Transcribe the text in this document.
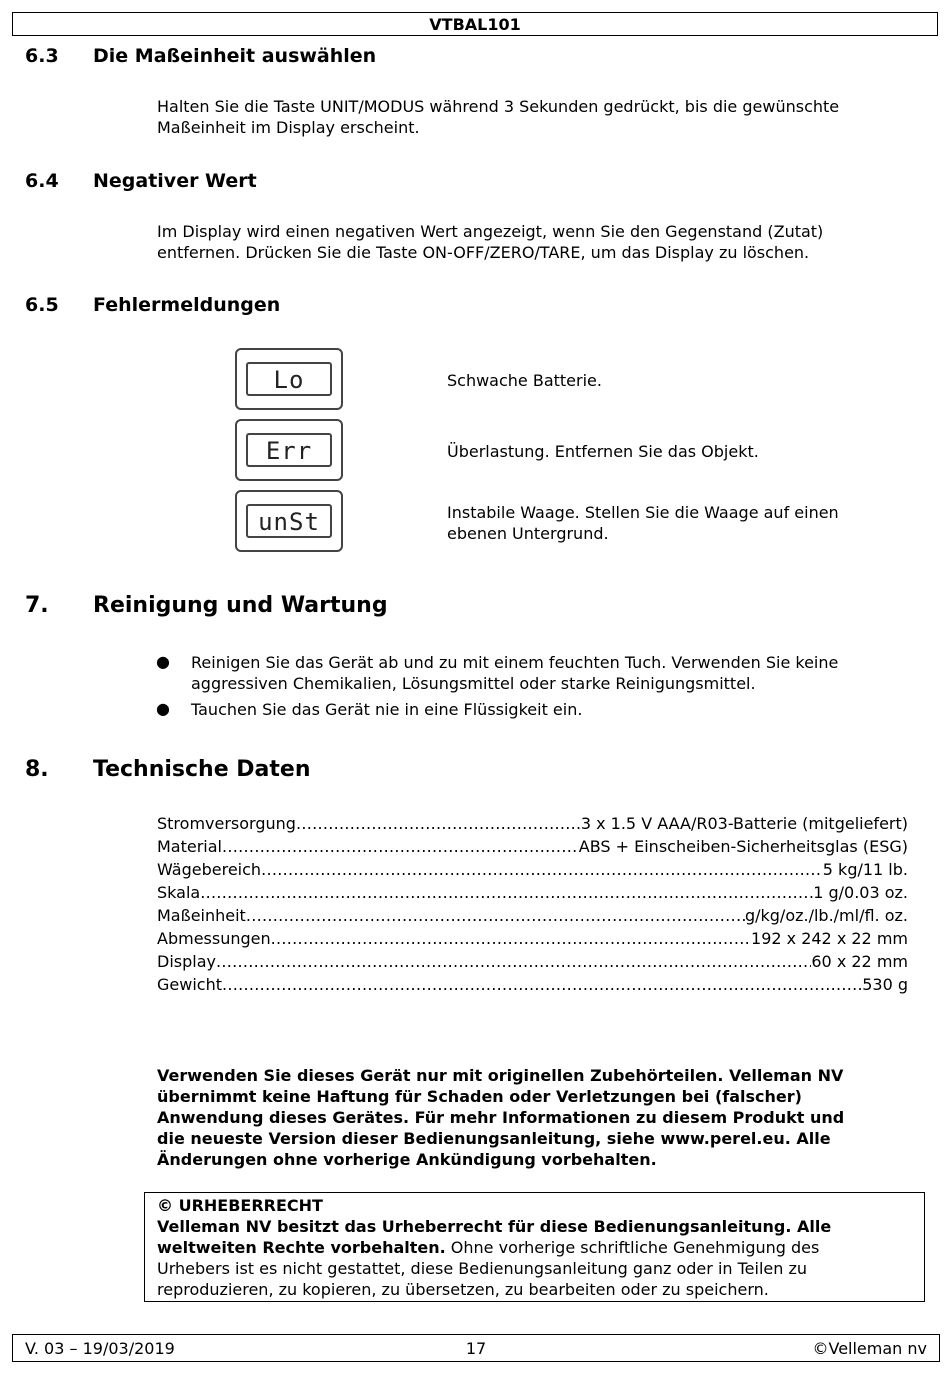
VTBAL101
6.3 Die Maßeinheit auswählen
Halten Sie die Taste UNIT/MODUS während 3 Sekunden gedrückt, bis die gewünschte
Maßeinheit im Display erscheint.
6.4 Negativer Wert
Im Display wird einen negativen Wert angezeigt, wenn Sie den Gegenstand (Zutat)
entfernen. Drücken Sie die Taste ON-OFF/ZERO/TARE, um das Display zu löschen.
6.5 Fehlermeldungen
Lo	Schwache Batterie.
Err	Überlastung. Entfernen Sie das Objekt.
unSt	Instabile Waage. Stellen Sie die Waage auf einen
ebenen Untergrund.
7. Reinigung und Wartung
● Reinigen Sie das Gerät ab und zu mit einem feuchten Tuch. Verwenden Sie keine
aggressiven Chemikalien, Lösungsmittel oder starke Reinigungsmittel.
● Tauchen Sie das Gerät nie in eine Flüssigkeit ein.
8. Technische Daten
Stromversorgung .....	3 x 1.5 V AAA/R03-Batterie (mitgeliefert)
Material .....	ABS + Einscheiben-Sicherheitsglas (ESG)
Wägebereich .....	5 kg/11 lb.
Skala .....	1 g/0.03 oz.
Maßeinheit .....	g/kg/oz./lb./ml/fl. oz.
Abmessungen .....	192 x 242 x 22 mm
Display .....	60 x 22 mm
Gewicht .....	530 g
Verwenden Sie dieses Gerät nur mit originellen Zubehörteilen. Velleman NV
übernimmt keine Haftung für Schaden oder Verletzungen bei (falscher)
Anwendung dieses Gerätes. Für mehr Informationen zu diesem Produkt und
die neueste Version dieser Bedienungsanleitung, siehe www.perel.eu. Alle
Änderungen ohne vorherige Ankündigung vorbehalten.
© URHEBERRECHT
Velleman NV besitzt das Urheberrecht für diese Bedienungsanleitung. Alle
weltweiten Rechte vorbehalten. Ohne vorherige schriftliche Genehmigung des
Urhebers ist es nicht gestattet, diese Bedienungsanleitung ganz oder in Teilen zu
reproduzieren, zu kopieren, zu übersetzen, zu bearbeiten oder zu speichern.
V. 03 – 19/03/2019	17	©Velleman nv
